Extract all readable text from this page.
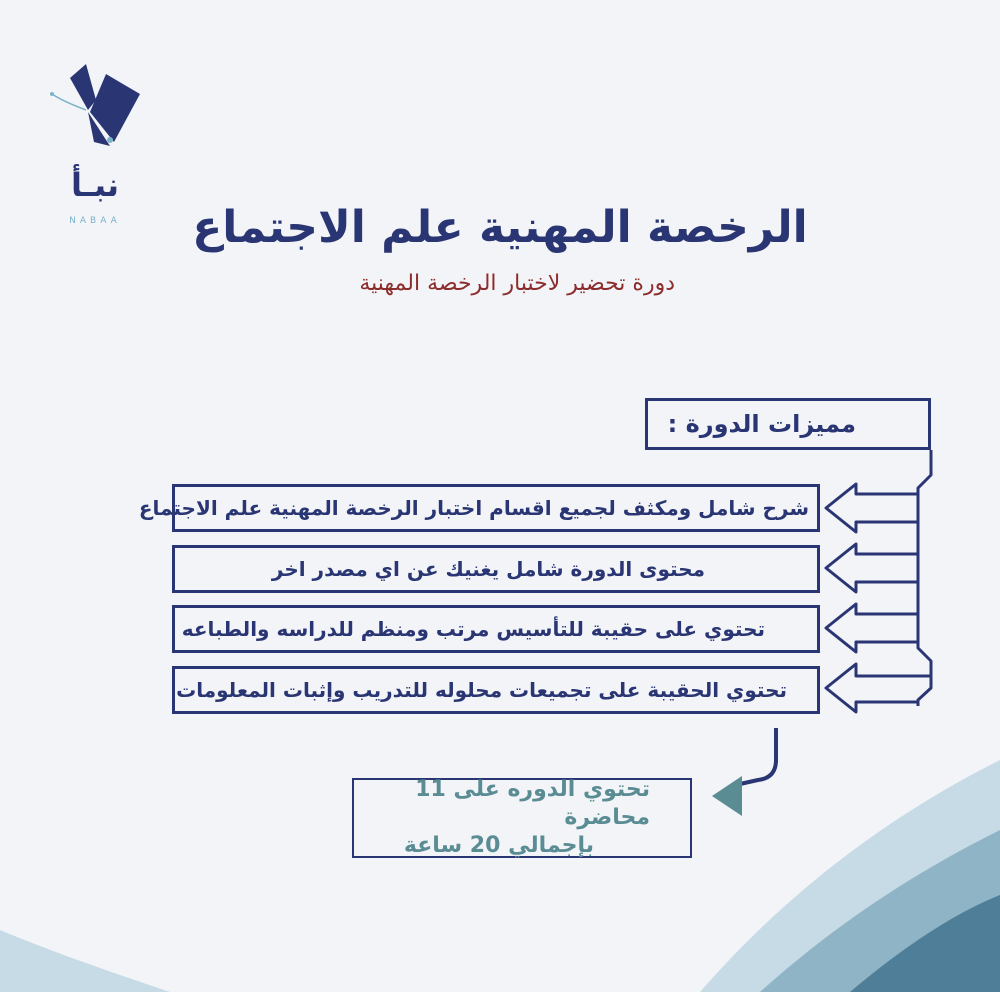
نبـأ
NABAA	الرخصة المهنية علم الاجتماع
دورة تحضير لاختبار الرخصة المهنية
مميزات الدورة :
شرح شامل ومكثف لجميع اقسام اختبار الرخصة المهنية علم الاجتماع
محتوى الدورة شامل يغنيك عن اي مصدر اخر
تحتوي على حقيبة للتأسيس مرتب ومنظم للدراسه والطباعه
تحتوي الحقيبة على تجميعات محلوله للتدريب وإثبات المعلومات
تحتوي الدوره على 11 محاضرة
بإجمالي 20 ساعة
